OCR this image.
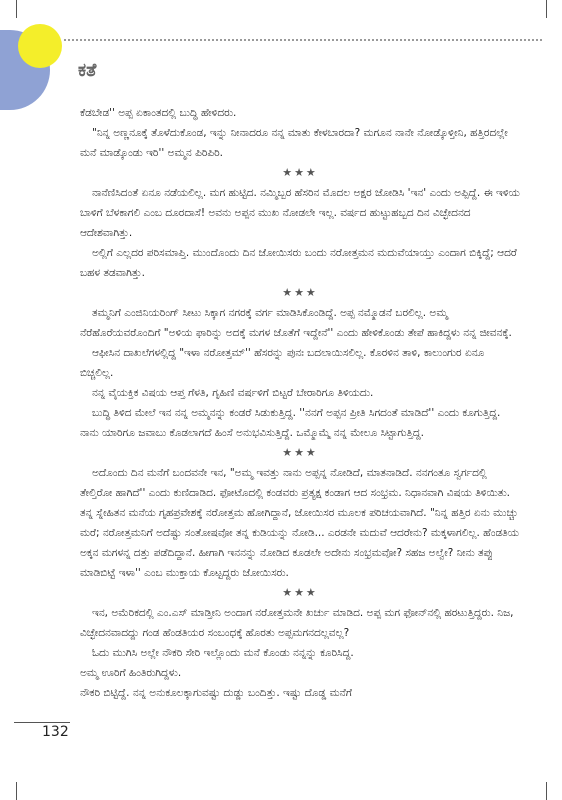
ಕತೆ

ಕೆಡಬೇಡ'' ಅಪ್ಪ ಏಕಾಂತದಲ್ಲಿ ಬುದ್ಧಿ ಹೇಳಿದರು.

"ನಿನ್ನ ಅಣ್ಣನೂಕ್ಕೆ ತೊಳೆದುಕೊಂಡ, ಇನ್ನು ನೀನಾದರೂ ನನ್ನ ಮಾತು ಕೇಳಬಾರದಾ? ಮಗೂನ ನಾನೇ ನೋಡ್ಕೊಳ್ತೀನಿ, ಹತ್ತಿರದಲ್ಲೇ ಮನೆ ಮಾಡ್ಕೊಂಡು ಇರಿ'' ಅಮ್ಮನ ಪಿರಿಪಿರಿ.

★★★

ನಾನೆಣಿಸಿದಂತೆ ಏನೂ ನಡೆಯಲಿಲ್ಲ. ಮಗ ಹುಟ್ಟಿದ. ನಮ್ಮಿಬ್ಬರ ಹೆಸರಿನ ಮೊದಲ ಅಕ್ಷರ ಜೋಡಿಸಿ 'ಇನ' ಎಂದು ಅಪ್ಪಿದ್ದೆ. ಈ ಇಳಿಯ ಬಾಳಿಗೆ ಬೆಳಕಾಗಲಿ ಎಂಬ ದೂರದಾಸೆ! ಅವನು ಅಪ್ಪನ ಮುಖ ನೋಡಲೇ ಇಲ್ಲ. ವರ್ಷದ ಹುಟ್ಟುಹಬ್ಬದ ದಿನ ವಿಚ್ಛೇದನದ ಆದೇಶವಾಗಿತ್ತು.

ಅಲ್ಲಿಗೆ ಎಲ್ಲದರ ಪರಿಸಮಾಪ್ತಿ. ಮುಂದೊಂದು ದಿನ ಜೋಯಿಸರು ಬಂದು ನರೋತ್ತಮನ ಮದುವೆಯಾಯ್ತು ಎಂದಾಗ ಬಿಕ್ಕಿದ್ದೆ; ಆದರೆ ಬಹಳ ತಡವಾಗಿತ್ತು.

★★★

ತಮ್ಮನಿಗೆ ಎಂಜಿನಿಯರಿಂಗ್ ಸೀಟು ಸಿಕ್ಕಾಗ ನಗರಕ್ಕೆ ವರ್ಗ ಮಾಡಿಸಿಕೊಂಡಿದ್ದೆ. ಅಪ್ಪ ನಮ್ಮೊಡನೆ ಬರಲಿಲ್ಲ. ಅಮ್ಮ ನೆರೆಹೊರೆಯವರೊಂದಿಗೆ "ಅಳಿಯ ಫಾರಿನ್ನು ಅದಕ್ಕೆ ಮಗಳ ಜೊತೆಗೆ ಇದ್ದೇನೆ'' ಎಂದು ಹೇಳಿಕೊಂಡು ತೇಪೆ ಹಾಕಿದ್ದಳು ನನ್ನ ಜೀವನಕ್ಕೆ.

ಆಫೀಸಿನ ದಾಖಲೆಗಳಲ್ಲಿದ್ದ "ಇಳಾ ನರೋತ್ತಮ್'' ಹೆಸರನ್ನು ಪುನಃ ಬದಲಾಯಿಸಲಿಲ್ಲ. ಕೊರಳಿನ ತಾಳಿ, ಕಾಲುಂಗುರ ಏನೂ ಬಿಚ್ಚಲಿಲ್ಲ.

ನನ್ನ ವೈಯಕ್ತಿಕ ವಿಷಯ ಆಪ್ತ ಗೆಳತಿ, ಗೃಹಿಣಿ ವರ್ಷಳಿಗೆ ಬಿಟ್ಟರೆ ಬೇರಾರಿಗೂ ತಿಳಿಯದು.

ಬುದ್ಧಿ ತಿಳಿದ ಮೇಲೆ ಇನ ನನ್ನ ಅಮ್ಮನನ್ನು ಕಂಡರೆ ಸಿಡುಕುತ್ತಿದ್ದ. ''ನನಗೆ ಅಪ್ಪನ ಪ್ರೀತಿ ಸಿಗದಂತೆ ಮಾಡಿದೆ'' ಎಂದು ಕೂಗುತ್ತಿದ್ದ. ನಾನು ಯಾರಿಗೂ ಜವಾಬು ಕೊಡಲಾಗದೆ ಹಿಂಸೆ ಅನುಭವಿಸುತ್ತಿದ್ದೆ. ಒಮ್ಮೊಮ್ಮೆ ನನ್ನ ಮೇಲೂ ಸಿಟ್ಟಾಗುತ್ತಿದ್ದ.

★★★

ಅದೊಂದು ದಿನ ಮನೆಗೆ ಬಂದವನೇ ಇನ, "ಅಮ್ಮ ಇವತ್ತು ನಾನು ಅಪ್ಪನ್ನ ನೋಡಿದೆ, ಮಾತನಾಡಿದೆ. ನನಗಂತೂ ಸ್ವರ್ಗದಲ್ಲಿ ತೇಲ್ತಿರೋ ಹಾಗಿದೆ'' ಎಂದು ಕುಣಿದಾಡಿದ. ಫೋಟೊದಲ್ಲಿ ಕಂಡವರು ಪ್ರತ್ಯಕ್ಷ ಕಂಡಾಗ ಆದ ಸಂಭ್ರಮ. ನಿಧಾನವಾಗಿ ವಿಷಯ ತಿಳಿಯಿತು. ತನ್ನ ಸ್ನೇಹಿತನ ಮನೆಯ ಗೃಹಪ್ರವೇಶಕ್ಕೆ ನರೋತ್ತಮ ಹೋಗಿದ್ದಾನೆ, ಜೋಯಿಸರ ಮೂಲಕ ಪರಿಚಯವಾಗಿದೆ. "ನಿನ್ನ ಹತ್ತಿರ ಏನು ಮುಚ್ಚು ಮರೆ; ನರೋತ್ತಮನಿಗೆ ಅದೆಷ್ಟು ಸಂತೋಷವೋ ತನ್ನ ಕುಡಿಯನ್ನು ನೋಡಿ... ಎರಡನೇ ಮದುವೆ ಆದರೇನು? ಮಕ್ಕಳಾಗಲಿಲ್ಲ. ಹೆಂಡತಿಯ ಅಕ್ಕನ ಮಗಳನ್ನ ದತ್ತು ಪಡೆದಿದ್ದಾನೆ. ಹೀಗಾಗಿ ಇನನನ್ನು ನೋಡಿದ ಕೂಡಲೇ ಅದೇನು ಸಂಭ್ರಮವೋ? ಸಹಜ ಅಲ್ವೇ? ನೀನು ತಪ್ಪು ಮಾಡಿಬಿಟ್ಟೆ ಇಳಾ'' ಎಂಬ ಮುಕ್ತಾಯ ಕೊಟ್ಟದ್ದರು ಜೋಯಿಸರು.

★★★

ಇನ, ಅಮೆರಿಕದಲ್ಲಿ ಎಂ.ಎಸ್ ಮಾಡ್ತೀನಿ ಅಂದಾಗ ನರೋತ್ತಮನೇ ಖರ್ಚು ಮಾಡಿದ. ಅಪ್ಪ ಮಗ ಫೋನ್‌ನಲ್ಲಿ ಹರಟುತ್ತಿದ್ದರು. ನಿಜ, ವಿಚ್ಛೇದನವಾದದ್ದು ಗಂಡ ಹೆಂಡತಿಯರ ಸಂಬಂಧಕ್ಕೆ ಹೊರತು ಅಪ್ಪಮಗನದಲ್ಲವಲ್ಲ?

ಓದು ಮುಗಿಸಿ ಅಲ್ಲೇ ನೌಕರಿ ಸೇರಿ ಇಲ್ಲೊಂದು ಮನೆ ಕೊಂಡು ನನ್ನನ್ನು ಕೂರಿಸಿದ್ದ.

ಅಮ್ಮ ಊರಿಗೆ ಹಿಂತಿರುಗಿದ್ದಳು.

ನೌಕರಿ ಬಿಟ್ಟಿದ್ದೆ. ನನ್ನ ಅನುಕೂಲಕ್ಕಾಗುವಷ್ಟು ದುಡ್ಡು ಬಂದಿತ್ತು. ಇಷ್ಟು ದೊಡ್ಡ ಮನೆಗೆ

132
